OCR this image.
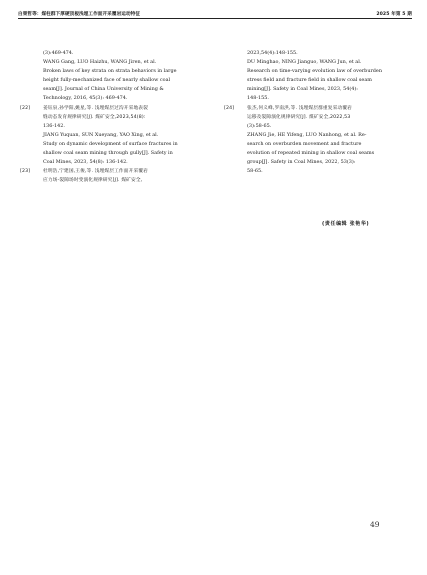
白栗哲等：煤柱群下厚硬顶板浅埋工作面开采覆岩运动特征	2025 年第 5 期
(3):469-474.
WANG Gang, LUO Haizhu, WANG Jiren, et al.
Broken laws of key strata on strata behaviors in large
height fully-mechanized face of nearly shallow coal
seam[J]. Journal of China University of Mining &
Technology, 2016, 45(3): 469-474.
[22]	姜钰泉,孙学阳,姚星,等. 浅埋煤层过沟开采地表裂
缝动态发育规律研究[J]. 煤矿安全,2023,54(8):
136-142.
JIANG Yuquan, SUN Xueyang, YAO Xing, et al.
Study on dynamic development of surface fractures in
shallow coal seam mining through gully[J]. Safety in
Coal Mines, 2023, 54(8): 136-142.
[23]	杜明浩,宁建国,王俊,等. 浅埋煤层工作面开采覆岩
应力场-裂隙场时变演化规律研究[J]. 煤矿安全,
2023,54(4):148-155.
DU Minghao, NING Jianguo, WANG Jun, et al.
Research on time-varying evolution law of overburden
stress field and fracture field in shallow coal seam
mining[J]. Safety in Coal Mines, 2023, 54(4):
148-155.
[24]	张杰,何义峰,罗南洪,等. 浅埋煤层群重复采动覆岩
运移及裂隙演化规律研究[J]. 煤矿安全,2022,53
(3):58-65.
ZHANG Jie, HE Yifeng, LUO Nanhong, et al. Re-
search on overburden movement and fracture
evolution of repeated mining in shallow coal seams
group[J]. Safety in Coal Mines, 2022, 53(3):
58-65.
(责任编辑 张艳华)
49
